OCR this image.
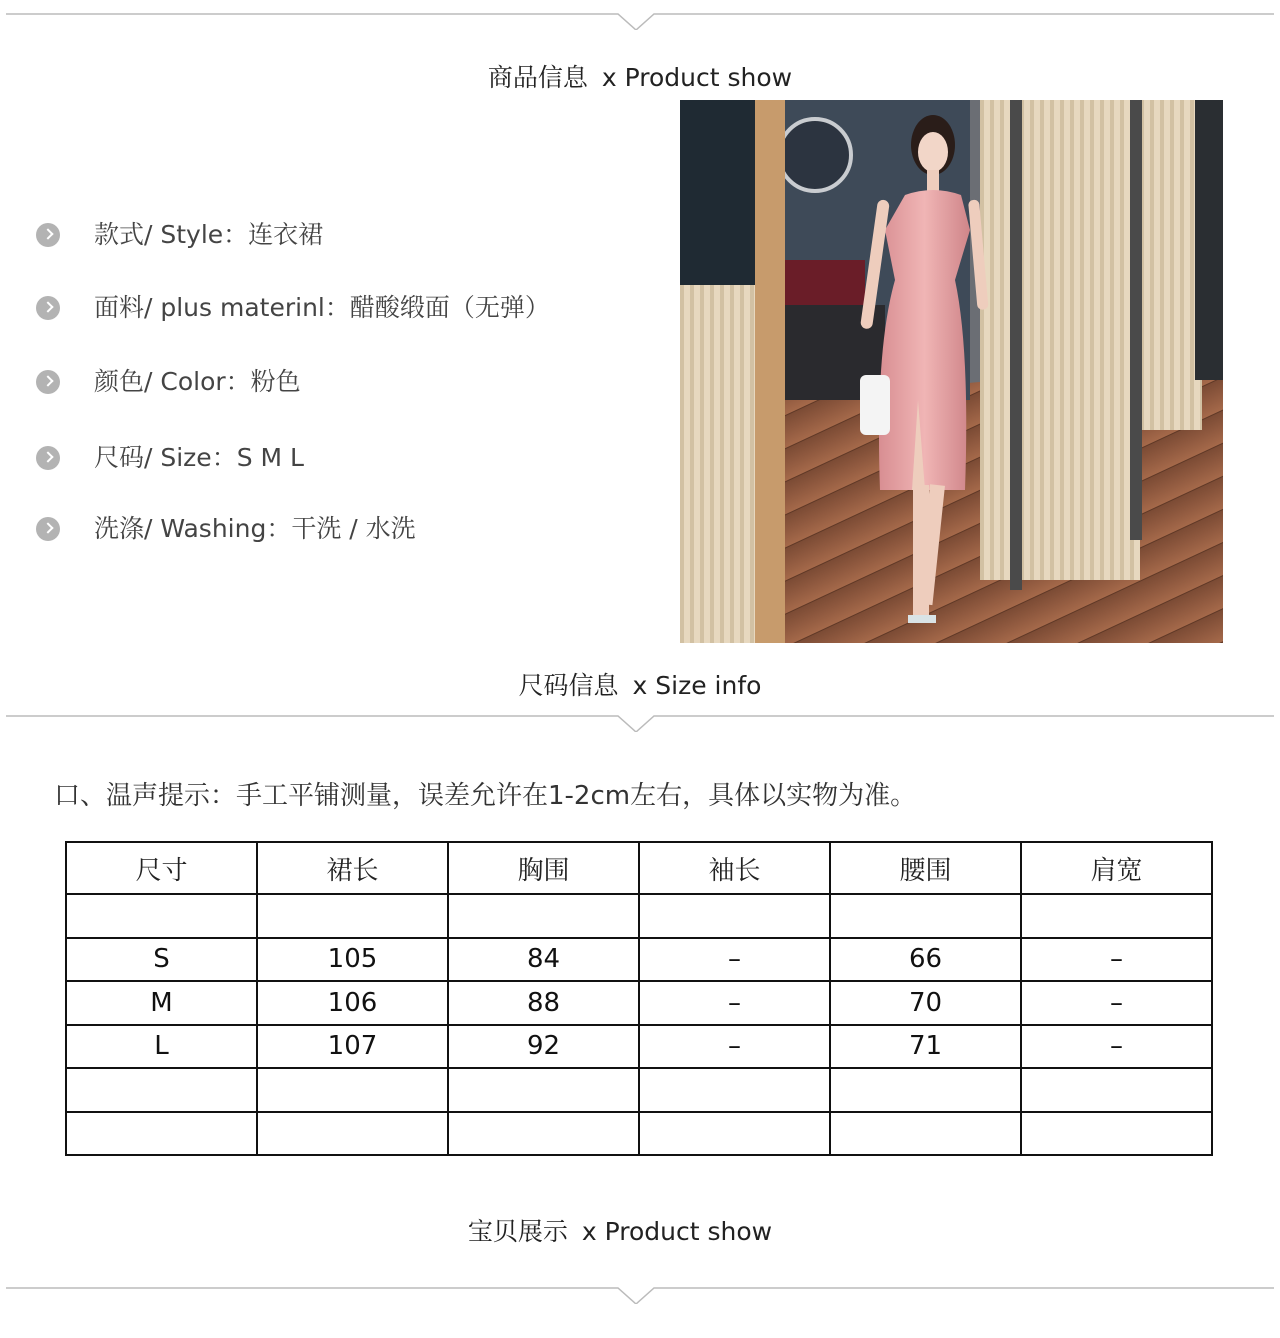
商品信息 x Product show
款式/ Style：连衣裙
面料/ plus materinl：醋酸缎面（无弹）
颜色/ Color：粉色
尺码/ Size：S M L
洗涤/ Washing：干洗 / 水洗
尺码信息 x Size info
口、温声提示：手工平铺测量，误差允许在1-2cm左右，具体以实物为准。
尺寸	裙长	胸围	袖长	腰围	肩宽

S	105	84	–	66	–
M	106	88	–	70	–
L	107	92	–	71	–

宝贝展示 x Product show
